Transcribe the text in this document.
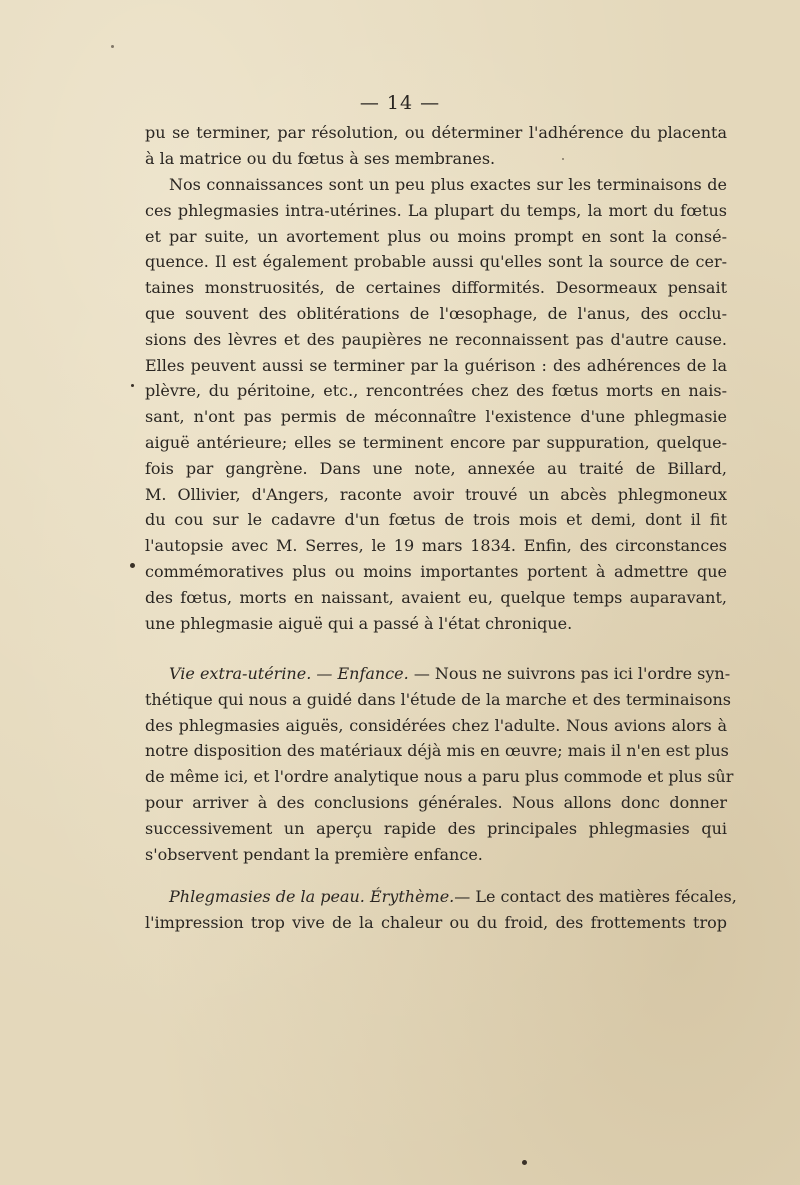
— 14 —
pu se terminer, par résolution, ou déterminer l'adhérence du placenta
à la matrice ou du fœtus à ses membranes.
Nos connaissances sont un peu plus exactes sur les terminaisons de
ces phlegmasies intra-utérines. La plupart du temps, la mort du fœtus
et par suite, un avortement plus ou moins prompt en sont la consé-
quence. Il est également probable aussi qu'elles sont la source de cer-
taines monstruosités, de certaines difformités. Desormeaux pensait
que souvent des oblitérations de l'œsophage, de l'anus, des occlu-
sions des lèvres et des paupières ne reconnaissent pas d'autre cause.
Elles peuvent aussi se terminer par la guérison : des adhérences de la
plèvre, du péritoine, etc., rencontrées chez des fœtus morts en nais-
sant, n'ont pas permis de méconnaître l'existence d'une phlegmasie
aiguë antérieure; elles se terminent encore par suppuration, quelque-
fois par gangrène. Dans une note, annexée au traité de Billard,
M. Ollivier, d'Angers, raconte avoir trouvé un abcès phlegmoneux
du cou sur le cadavre d'un fœtus de trois mois et demi, dont il fit
l'autopsie avec M. Serres, le 19 mars 1834. Enfin, des circonstances
commémoratives plus ou moins importantes portent à admettre que
des fœtus, morts en naissant, avaient eu, quelque temps auparavant,
une phlegmasie aiguë qui a passé à l'état chronique.
Vie extra-utérine. — Enfance. — Nous ne suivrons pas ici l'ordre syn-
thétique qui nous a guidé dans l'étude de la marche et des terminaisons
des phlegmasies aiguës, considérées chez l'adulte. Nous avions alors à
notre disposition des matériaux déjà mis en œuvre; mais il n'en est plus
de même ici, et l'ordre analytique nous a paru plus commode et plus sûr
pour arriver à des conclusions générales. Nous allons donc donner
successivement un aperçu rapide des principales phlegmasies qui
s'observent pendant la première enfance.
Phlegmasies de la peau. Érythème.— Le contact des matières fécales,
l'impression trop vive de la chaleur ou du froid, des frottements trop
